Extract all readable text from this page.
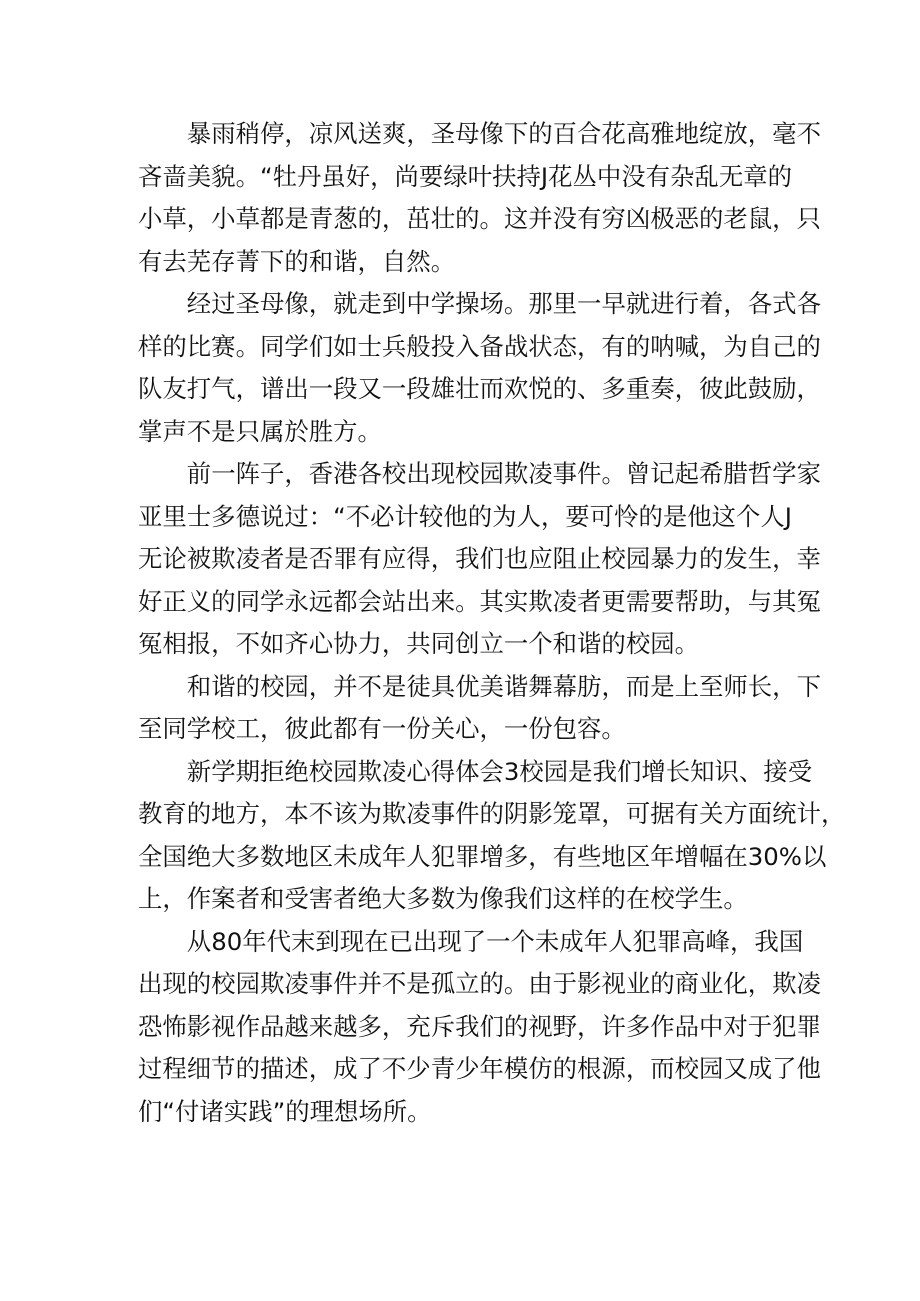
暴雨稍停，凉风送爽，圣母像下的百合花高雅地绽放，毫不
吝啬美貌。“牡丹虽好，尚要绿叶扶持J花丛中没有杂乱无章的
小草，小草都是青葱的，茁壮的。这并没有穷凶极恶的老鼠，只
有去芜存菁下的和谐，自然。

经过圣母像，就走到中学操场。那里一早就进行着，各式各
样的比赛。同学们如士兵般投入备战状态，有的呐喊，为自己的
队友打气，谱出一段又一段雄壮而欢悦的、多重奏，彼此鼓励，
掌声不是只属於胜方。

前一阵子，香港各校出现校园欺凌事件。曾记起希腊哲学家
亚里士多德说过：“不必计较他的为人，要可怜的是他这个人J
无论被欺凌者是否罪有应得，我们也应阻止校园暴力的发生，幸
好正义的同学永远都会站出来。其实欺凌者更需要帮助，与其冤
冤相报，不如齐心协力，共同创立一个和谐的校园。

和谐的校园，并不是徒具优美谐舞幕肪，而是上至师长，下
至同学校工，彼此都有一份关心，一份包容。

新学期拒绝校园欺凌心得体会3校园是我们增长知识、接受
教育的地方，本不该为欺凌事件的阴影笼罩，可据有关方面统计，
全国绝大多数地区未成年人犯罪增多，有些地区年增幅在30%以
上，作案者和受害者绝大多数为像我们这样的在校学生。

从80年代末到现在已出现了一个未成年人犯罪高峰，我国
出现的校园欺凌事件并不是孤立的。由于影视业的商业化，欺凌
恐怖影视作品越来越多，充斥我们的视野，许多作品中对于犯罪
过程细节的描述，成了不少青少年模仿的根源，而校园又成了他
们“付诸实践”的理想场所。
